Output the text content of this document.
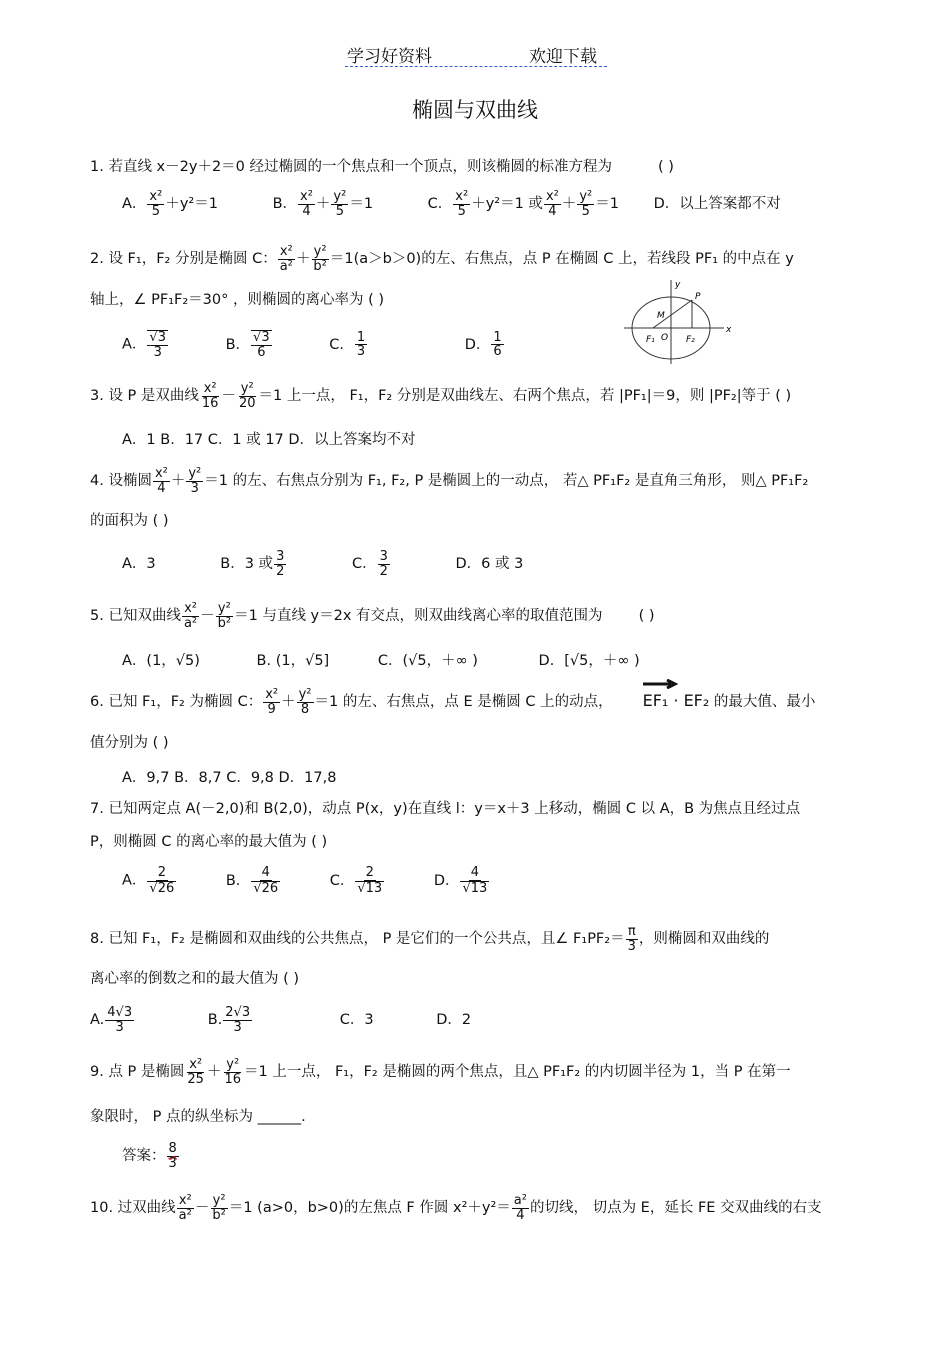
学习好资料	欢迎下载
椭圆与双曲线
1. 若直线 x－2y＋2＝0 经过椭圆的一个焦点和一个顶点，则该椭圆的标准方程为	( )
A． $\frac{\text{x²}}{5} +y^2=1$	B． $\frac{\text{x²}}{4} + \frac{\text{y²}}{5} =1$	C． $\frac{\text{x²}}{5} +y^2=1$ 或 $\frac{\text{x²}}{4} + \frac{\text{y²}}{5} =1$ D．以上答案都不对
2. 设 F₁，F₂ 分别是椭圆 C： $\frac{\text{x²}}{\text{a²}} + \frac{\text{y²}}{\text{b²}} =1(a>b>0)$的左、右焦点，点 P 在椭圆 C 上，若线段 PF₁ 的中点在 y
轴上，∠ PF₁F₂＝30° ，则椭圆的离心率为 ( )
A． $\frac{√3}{3}$	B． $\frac{√3}{6}$	C． $\frac{1}{3}$	D． $\frac{1}{6}$
y
x
P
M
O
F₁	F₂
3. 设 P 是双曲线 $\frac{\text{x²}}{16} - \frac{\text{y²}}{20} =1$ 上一点， F₁，F₂ 分别是双曲线左、右两个焦点，若 |PF₁|＝9，则 |PF₂|等于 ( )
A．1 B．17 C．1 或 17 D．以上答案均不对
4. 设椭圆 $\frac{\text{x²}}{4} + \frac{\text{y²}}{3} =1$ 的左、右焦点分别为 F₁, F₂, P 是椭圆上的一动点， 若△ PF₁F₂ 是直角三角形， 则△ PF₁F₂
的面积为 ( )
A．3	B．3 或 $\frac{3}{2}$	C． $\frac{3}{2}$	D．6 或 3
5. 已知双曲线 $\frac{\text{x²}}{\text{a²}} - \frac{\text{y²}}{\text{b²}} =1$ 与直线 y＝2x 有交点，则双曲线离心率的取值范围为 ( )
A．(1，√5)	B. (1，√5]	C．(√5，＋∞ )	D．[√5，＋∞ )
6. 已知 F₁，F₂ 为椭圆 C： $\frac{\text{x²}}{9} + \frac{\text{y²}}{8} =1$ 的左、右焦点，点 E 是椭圆 C 上的动点， EF₁ · EF₂ 的最大值、最小
值分别为 ( )
A．9,7 B．8,7 C．9,8 D．17,8
7. 已知两定点 A(－2,0)和 B(2,0)，动点 P(x，y)在直线 l：y＝x＋3 上移动，椭圆 C 以 A，B 为焦点且经过点
P，则椭圆 C 的离心率的最大值为 ( )
A． $\frac{2}{√26}$	B． $\frac{4}{√26}$	C． $\frac{2}{√13}$	D． $\frac{4}{√13}$
8. 已知 F₁，F₂ 是椭圆和双曲线的公共焦点， P 是它们的一个公共点，且∠ $F_1PF_2= \frac{\pi}{3}$ ，则椭圆和双曲线的
离心率的倒数之和的最大值为 ( )
A. $\frac{4√3}{3}$	B. $\frac{2√3}{3}$	C．3	D．2
9. 点 P 是椭圆 $\frac{\text{x²}}{25} + \frac{\text{y²}}{16} =1$ 上一点， F₁，F₂ 是椭圆的两个焦点，且△ PF₁F₂ 的内切圆半径为 1，当 P 在第一
象限时， P 点的纵坐标为 ______.
答案： $\frac{8}{3}$
10. 过双曲线 $\frac{\text{x²}}{\text{a²}} - \frac{\text{y²}}{\text{b²}} =1$ (a>0，b>0)的左焦点 F 作圆 $x^2+y^2= \frac{\text{a²}}{4}$ 的切线， 切点为 E，延长 FE 交双曲线的右支
